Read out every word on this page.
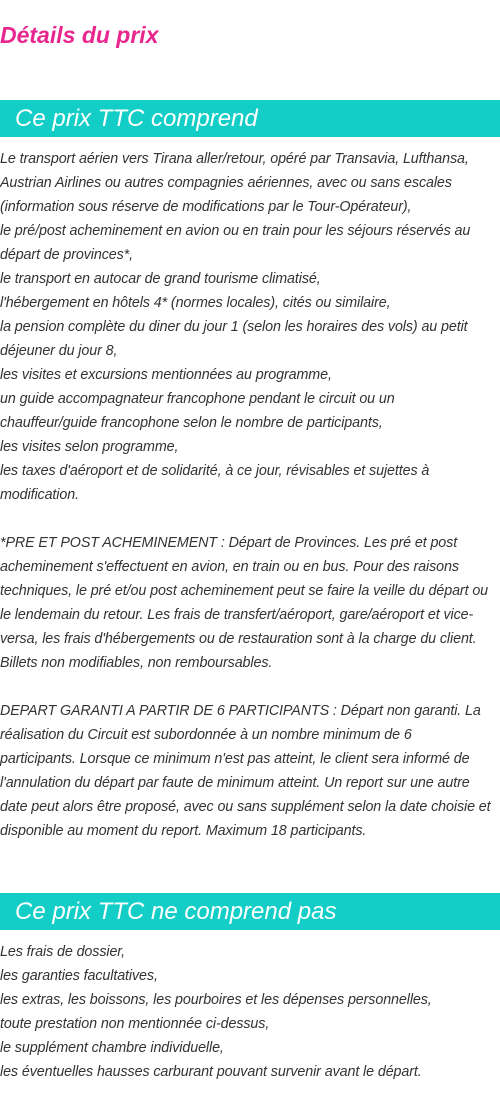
Détails du prix
Ce prix TTC comprend
Le transport aérien vers Tirana aller/retour, opéré par Transavia, Lufthansa,
Austrian Airlines ou autres compagnies aériennes, avec ou sans escales
(information sous réserve de modifications par le Tour-Opérateur),
le pré/post acheminement en avion ou en train pour les séjours réservés au
départ de provinces*,
le transport en autocar de grand tourisme climatisé,
l'hébergement en hôtels 4* (normes locales), cités ou similaire,
la pension complète du diner du jour 1 (selon les horaires des vols) au petit
déjeuner du jour 8,
les visites et excursions mentionnées au programme,
un guide accompagnateur francophone pendant le circuit ou un
chauffeur/guide francophone selon le nombre de participants,
les visites selon programme,
les taxes d'aéroport et de solidarité, à ce jour, révisables et sujettes à
modification.
*PRE ET POST ACHEMINEMENT : Départ de Provinces. Les pré et post
acheminement s'effectuent en avion, en train ou en bus. Pour des raisons
techniques, le pré et/ou post acheminement peut se faire la veille du départ ou
le lendemain du retour. Les frais de transfert/aéroport, gare/aéroport et vice-
versa, les frais d'hébergements ou de restauration sont à la charge du client.
Billets non modifiables, non remboursables.
DEPART GARANTI A PARTIR DE 6 PARTICIPANTS : Départ non garanti. La
réalisation du Circuit est subordonnée à un nombre minimum de 6
participants. Lorsque ce minimum n'est pas atteint, le client sera informé de
l'annulation du départ par faute de minimum atteint. Un report sur une autre
date peut alors être proposé, avec ou sans supplément selon la date choisie et
disponible au moment du report. Maximum 18 participants.
Ce prix TTC ne comprend pas
Les frais de dossier,
les garanties facultatives,
les extras, les boissons, les pourboires et les dépenses personnelles,
toute prestation non mentionnée ci-dessus,
le supplément chambre individuelle,
les éventuelles hausses carburant pouvant survenir avant le départ.
